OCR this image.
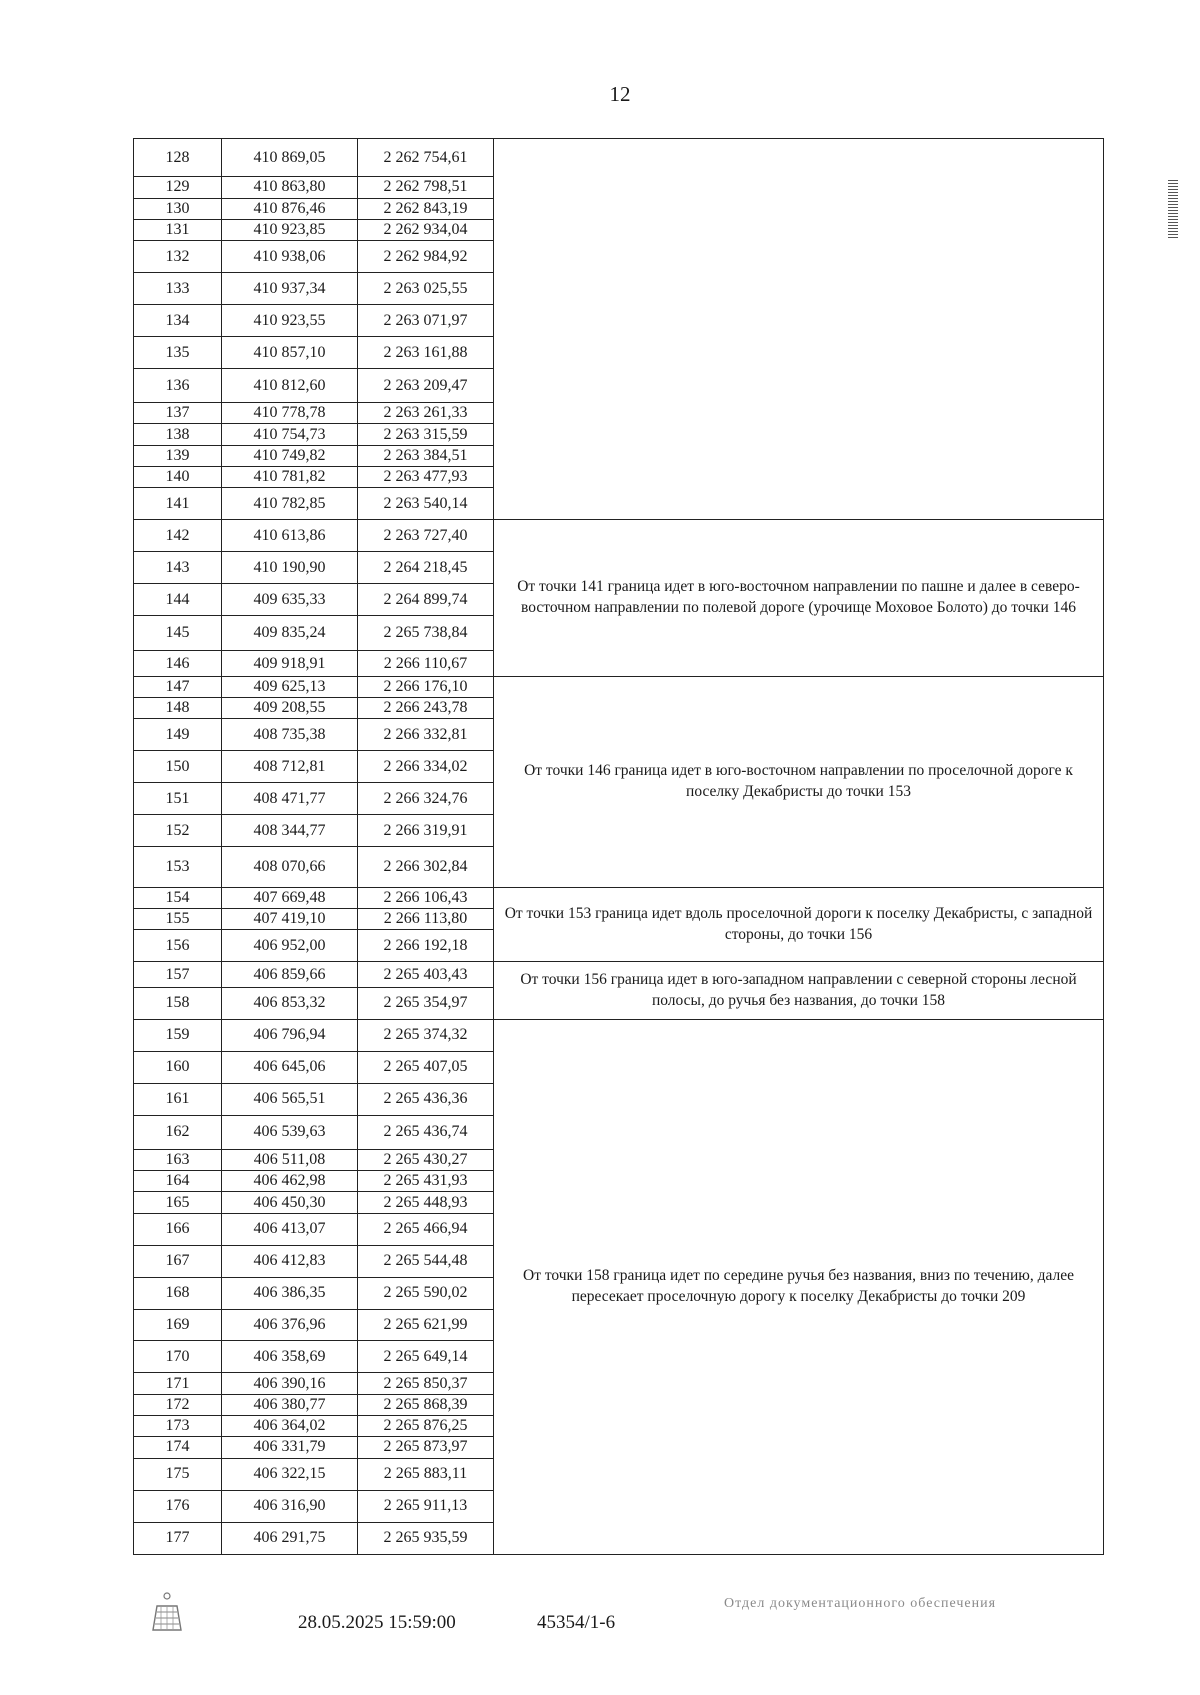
12
128	410 869,05	2 262 754,61	
129	410 863,80	2 262 798,51	
130	410 876,46	2 262 843,19	
131	410 923,85	2 262 934,04	
132	410 938,06	2 262 984,92	
133	410 937,34	2 263 025,55	
134	410 923,55	2 263 071,97	
135	410 857,10	2 263 161,88	
136	410 812,60	2 263 209,47	
137	410 778,78	2 263 261,33	
138	410 754,73	2 263 315,59	
139	410 749,82	2 263 384,51	
140	410 781,82	2 263 477,93	
141	410 782,85	2 263 540,14	
142	410 613,86	2 263 727,40	От точки 141 граница идет в юго-восточном направлении по пашне и далее в северо-восточном направлении по полевой дороге (урочище Моховое Болото) до точки 146
143	410 190,90	2 264 218,45	
144	409 635,33	2 264 899,74	
145	409 835,24	2 265 738,84	
146	409 918,91	2 266 110,67	
147	409 625,13	2 266 176,10	От точки 146 граница идет в юго-восточном направлении по проселочной дороге к поселку Декабристы до точки 153
148	409 208,55	2 266 243,78	
149	408 735,38	2 266 332,81	
150	408 712,81	2 266 334,02	
151	408 471,77	2 266 324,76	
152	408 344,77	2 266 319,91	
153	408 070,66	2 266 302,84	
154	407 669,48	2 266 106,43	От точки 153 граница идет вдоль проселочной дороги к поселку Декабристы, с западной стороны, до точки 156
155	407 419,10	2 266 113,80	
156	406 952,00	2 266 192,18	
157	406 859,66	2 265 403,43	От точки 156 граница идет в юго-западном направлении с северной стороны лесной полосы, до ручья без названия, до точки 158
158	406 853,32	2 265 354,97	
159	406 796,94	2 265 374,32	От точки 158 граница идет по середине ручья без названия, вниз по течению, далее пересекает проселочную дорогу к поселку Декабристы до точки 209
160	406 645,06	2 265 407,05	
161	406 565,51	2 265 436,36	
162	406 539,63	2 265 436,74	
163	406 511,08	2 265 430,27	
164	406 462,98	2 265 431,93	
165	406 450,30	2 265 448,93	
166	406 413,07	2 265 466,94	
167	406 412,83	2 265 544,48	
168	406 386,35	2 265 590,02	
169	406 376,96	2 265 621,99	
170	406 358,69	2 265 649,14	
171	406 390,16	2 265 850,37	
172	406 380,77	2 265 868,39	
173	406 364,02	2 265 876,25	
174	406 331,79	2 265 873,97	
175	406 322,15	2 265 883,11	
176	406 316,90	2 265 911,13	
177	406 291,75	2 265 935,59	
28.05.2025 15:59:00	45354/1-6
Отдел документационного обеспечения
